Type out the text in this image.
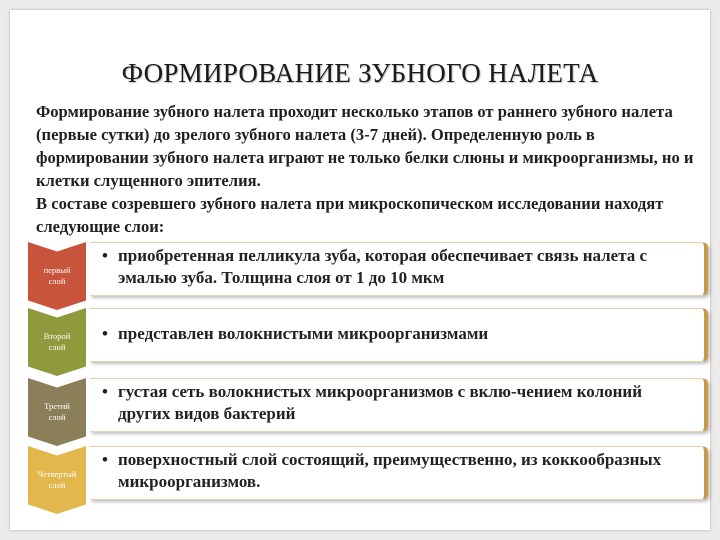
ФОРМИРОВАНИЕ ЗУБНОГО НАЛЕТА

Формирование зубного налета проходит несколько этапов от раннего зубного налета (первые сутки) до зрелого зубного налета (3-7 дней). Определенную роль в формировании зубного налета играют не только белки слюны и микроорганизмы, но и клетки слущенного эпителия.

В составе созревшего зубного налета при микроскопическом исследовании находят следующие слои:

первый
слой
• приобретенная пелликула зуба, которая обеспечивает связь налета с эмалью зуба. Толщина слоя от 1 до 10 мкм
Второй
слой
• представлен волокнистыми микроорганизмами
Третий
слой
• густая сеть волокнистых микроорганизмов с вклю-чением колоний других видов бактерий
Четвертый
слой
• поверхностный слой состоящий, преимущественно, из коккообразных микроорганизмов.
